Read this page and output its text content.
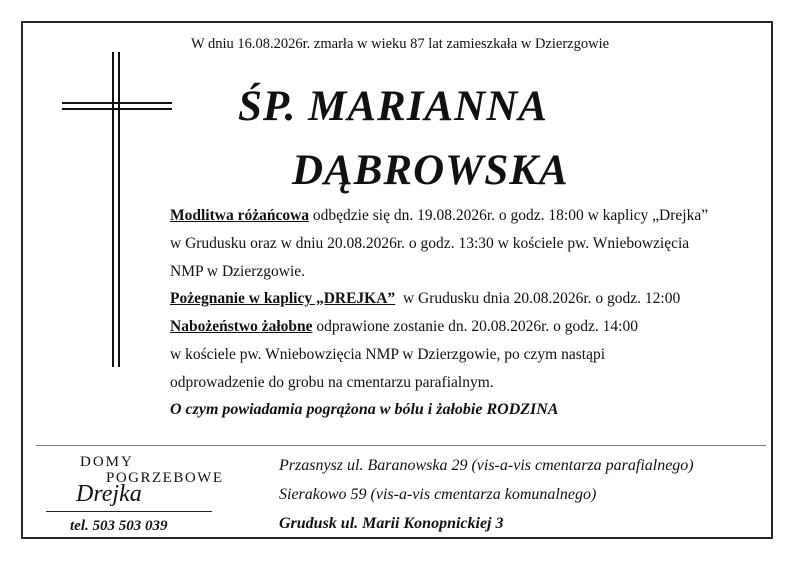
W dniu 16.08.2026r. zmarła w wieku 87 lat zamieszkała w Dzierzgowie
ŚP. MARIANNA
DĄBROWSKA
Modlitwa różańcowa odbędzie się dn. 19.08.2026r. o godz. 18:00 w kaplicy „Drejka”
w Grudusku oraz w dniu 20.08.2026r. o godz. 13:30 w kościele pw. Wniebowzięcia
NMP w Dzierzgowie.
Pożegnanie w kaplicy „DREJKA”  w Grudusku dnia 20.08.2026r. o godz. 12:00
Nabożeństwo żałobne odprawione zostanie dn. 20.08.2026r. o godz. 14:00
w kościele pw. Wniebowzięcia NMP w Dzierzgowie, po czym nastąpi
odprowadzenie do grobu na cmentarzu parafialnym.
O czym powiadamia pogrążona w bólu i żałobie RODZINA
DOMY
POGRZEBOWE
Drejka
tel. 503 503 039
Przasnysz ul. Baranowska 29 (vis-a-vis cmentarza parafialnego)
Sierakowo 59 (vis-a-vis cmentarza komunalnego)
Grudusk ul. Marii Konopnickiej 3
